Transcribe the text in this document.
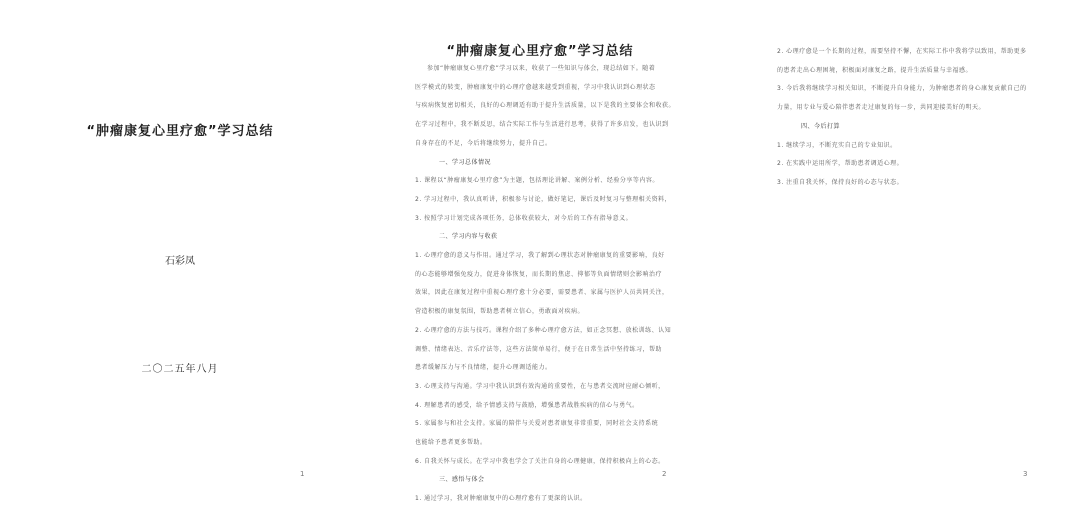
“肿瘤康复心里疗愈”学习总结
石彩凤
二〇二五年八月
1
“肿瘤康复心里疗愈”学习总结
参加“肿瘤康复心里疗愈”学习以来，收获了一些知识与体会，现总结如下。随着
医学模式的转变，肿瘤康复中的心理疗愈越来越受到重视，学习中我认识到心理状态
与疾病恢复密切相关，良好的心理调适有助于提升生活质量，以下是我的主要体会和收获。
在学习过程中，我不断反思，结合实际工作与生活进行思考，获得了许多启发，也认识到
自身存在的不足，今后将继续努力，提升自己。
一、学习总体情况
1. 课程以“肿瘤康复心里疗愈”为主题，包括理论讲解、案例分析、经验分享等内容。
2. 学习过程中，我认真听讲，积极参与讨论，做好笔记，课后及时复习与整理相关资料，
3. 按照学习计划完成各项任务，总体收获较大，对今后的工作有指导意义。
二、学习内容与收获
1. 心理疗愈的意义与作用。通过学习，我了解到心理状态对肿瘤康复的重要影响，良好
的心态能够增强免疫力，促进身体恢复，而长期的焦虑、抑郁等负面情绪则会影响治疗
效果，因此在康复过程中重视心理疗愈十分必要，需要患者、家属与医护人员共同关注，
营造积极的康复氛围，帮助患者树立信心，勇敢面对疾病。
2. 心理疗愈的方法与技巧。课程介绍了多种心理疗愈方法，如正念冥想、放松训练、认知
调整、情绪表达、音乐疗法等，这些方法简单易行，便于在日常生活中坚持练习，帮助
患者缓解压力与不良情绪，提升心理调适能力。
3. 心理支持与沟通。学习中我认识到有效沟通的重要性，在与患者交流时应耐心倾听，
4. 理解患者的感受，给予情感支持与鼓励，增强患者战胜疾病的信心与勇气。
5. 家属参与和社会支持。家属的陪伴与关爱对患者康复非常重要，同时社会支持系统
也能给予患者更多帮助。
6. 自我关怀与成长。在学习中我也学会了关注自身的心理健康，保持积极向上的心态。
三、感悟与体会
1. 通过学习，我对肿瘤康复中的心理疗愈有了更深的认识。
2
2. 心理疗愈是一个长期的过程，需要坚持不懈，在实际工作中我将学以致用，帮助更多
的患者走出心理困境，积极面对康复之路，提升生活质量与幸福感。
3. 今后我将继续学习相关知识，不断提升自身能力，为肿瘤患者的身心康复贡献自己的
力量，用专业与爱心陪伴患者走过康复的每一步，共同迎接美好的明天。
四、今后打算
1. 继续学习，不断充实自己的专业知识。
2. 在实践中运用所学，帮助患者调适心理。
3. 注重自我关怀，保持良好的心态与状态。
3
